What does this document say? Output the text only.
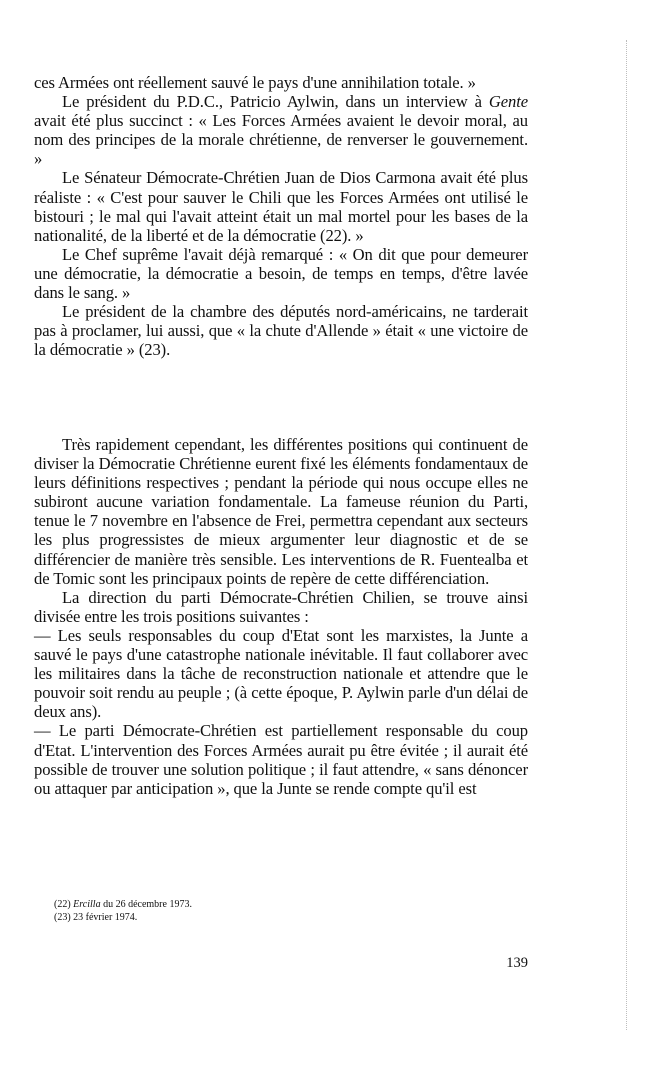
ces Armées ont réellement sauvé le pays d'une annihilation totale. »

Le président du P.D.C., Patricio Aylwin, dans un interview à Gente avait été plus succinct : « Les Forces Armées avaient le devoir moral, au nom des principes de la morale chrétienne, de renverser le gouvernement. »

Le Sénateur Démocrate-Chrétien Juan de Dios Carmona avait été plus réaliste : « C'est pour sauver le Chili que les Forces Armées ont utilisé le bistouri ; le mal qui l'avait atteint était un mal mortel pour les bases de la nationalité, de la liberté et de la démocratie (22). »

Le Chef suprême l'avait déjà remarqué : « On dit que pour demeurer une démocratie, la démocratie a besoin, de temps en temps, d'être lavée dans le sang. »

Le président de la chambre des députés nord-américains, ne tarderait pas à proclamer, lui aussi, que « la chute d'Allende » était « une victoire de la démocratie » (23).

Très rapidement cependant, les différentes positions qui continuent de diviser la Démocratie Chrétienne eurent fixé les éléments fondamentaux de leurs définitions respectives ; pendant la période qui nous occupe elles ne subiront aucune variation fondamentale. La fameuse réunion du Parti, tenue le 7 novembre en l'absence de Frei, permettra cependant aux secteurs les plus progressistes de mieux argumenter leur diagnostic et de se différencier de manière très sensible. Les interventions de R. Fuentealba et de Tomic sont les principaux points de repère de cette différenciation.

La direction du parti Démocrate-Chrétien Chilien, se trouve ainsi divisée entre les trois positions suivantes :

— Les seuls responsables du coup d'Etat sont les marxistes, la Junte a sauvé le pays d'une catastrophe nationale inévitable. Il faut collaborer avec les militaires dans la tâche de reconstruction nationale et attendre que le pouvoir soit rendu au peuple ; (à cette époque, P. Aylwin parle d'un délai de deux ans).

— Le parti Démocrate-Chrétien est partiellement responsable du coup d'Etat. L'intervention des Forces Armées aurait pu être évitée ; il aurait été possible de trouver une solution politique ; il faut attendre, « sans dénoncer ou attaquer par anticipation », que la Junte se rende compte qu'il est

(22) Ercilla du 26 décembre 1973.
(23) 23 février 1974.
139
